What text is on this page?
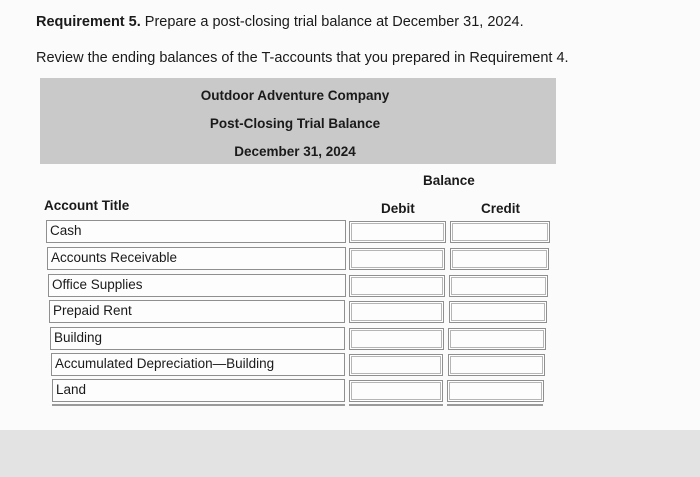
Requirement 5. Prepare a post-closing trial balance at December 31, 2024.
Review the ending balances of the T-accounts that you prepared in Requirement 4.
Outdoor Adventure Company
Post-Closing Trial Balance
December 31, 2024
Balance
Account Title	Debit	Credit
Cash
Accounts Receivable
Office Supplies
Prepaid Rent
Building
Accumulated Depreciation—Building
Land
